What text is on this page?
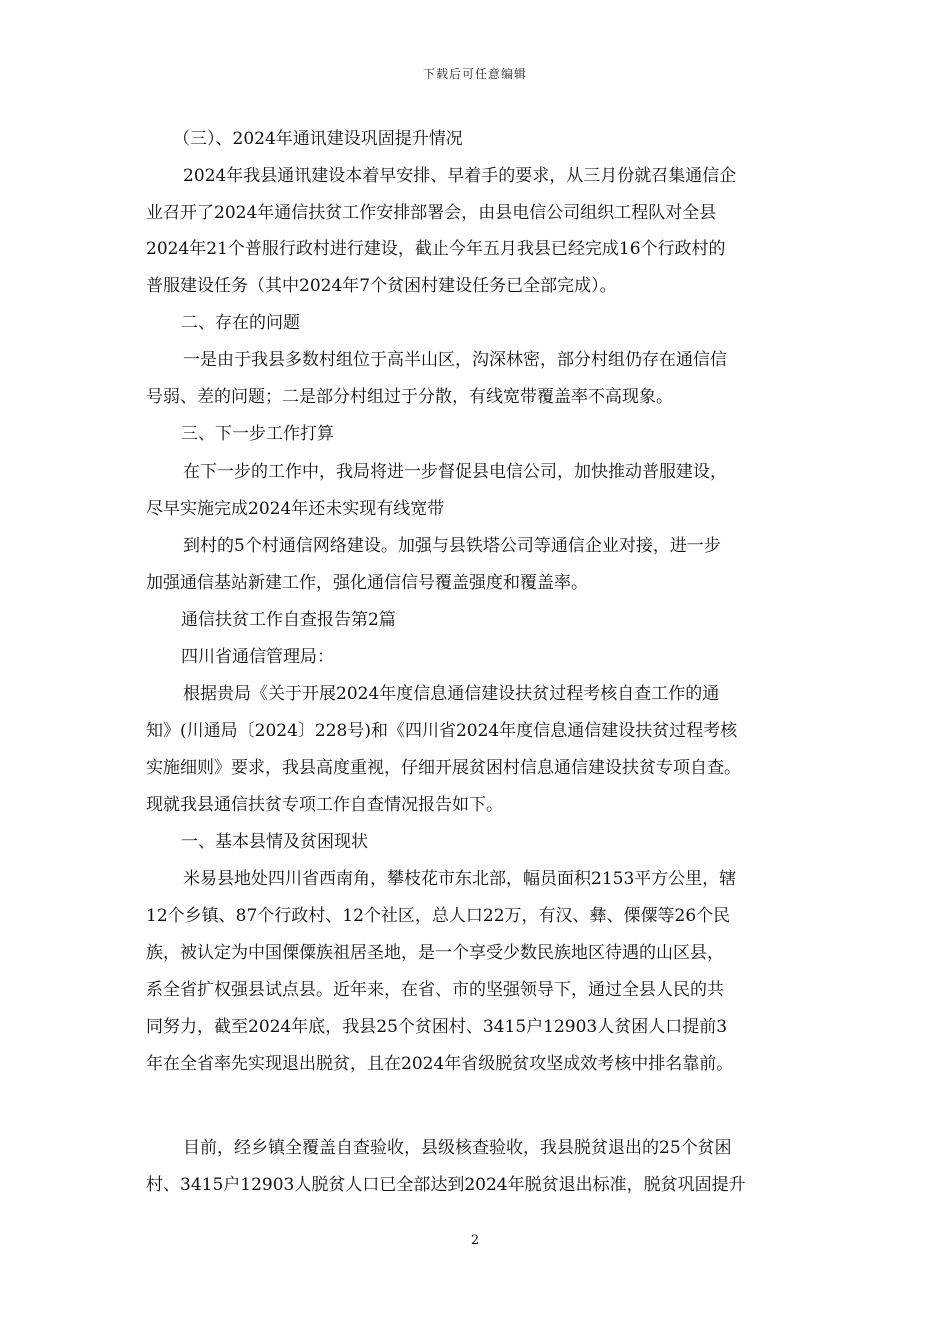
下载后可任意编辑

（三）、2024年通讯建设巩固提升情况

2024年我县通讯建设本着早安排、早着手的要求，从三月份就召集通信企

业召开了2024年通信扶贫工作安排部署会，由县电信公司组织工程队对全县

2024年21个普服行政村进行建设，截止今年五月我县已经完成16个行政村的

普服建设任务（其中2024年7个贫困村建设任务已全部完成）。

二、存在的问题

一是由于我县多数村组位于高半山区，沟深林密，部分村组仍存在通信信

号弱、差的问题；二是部分村组过于分散，有线宽带覆盖率不高现象。

三、下一步工作打算

在下一步的工作中，我局将进一步督促县电信公司，加快推动普服建设，

尽早实施完成2024年还未实现有线宽带

到村的5个村通信网络建设。加强与县铁塔公司等通信企业对接，进一步

加强通信基站新建工作，强化通信信号覆盖强度和覆盖率。

通信扶贫工作自查报告第2篇

四川省通信管理局：

根据贵局《关于开展2024年度信息通信建设扶贫过程考核自查工作的通

知》(川通局〔2024〕228号)和《四川省2024年度信息通信建设扶贫过程考核

实施细则》要求，我县高度重视，仔细开展贫困村信息通信建设扶贫专项自查。

现就我县通信扶贫专项工作自查情况报告如下。

一、基本县情及贫困现状

米易县地处四川省西南角，攀枝花市东北部，幅员面积2153平方公里，辖

12个乡镇、87个行政村、12个社区，总人口22万，有汉、彝、傈僳等26个民

族，被认定为中国傈僳族祖居圣地，是一个享受少数民族地区待遇的山区县，

系全省扩权强县试点县。近年来，在省、市的坚强领导下，通过全县人民的共

同努力，截至2024年底，我县25个贫困村、3415户12903人贫困人口提前3

年在全省率先实现退出脱贫，且在2024年省级脱贫攻坚成效考核中排名靠前。

目前，经乡镇全覆盖自查验收，县级核查验收，我县脱贫退出的25个贫困

村、3415户12903人脱贫人口已全部达到2024年脱贫退出标准，脱贫巩固提升

2
